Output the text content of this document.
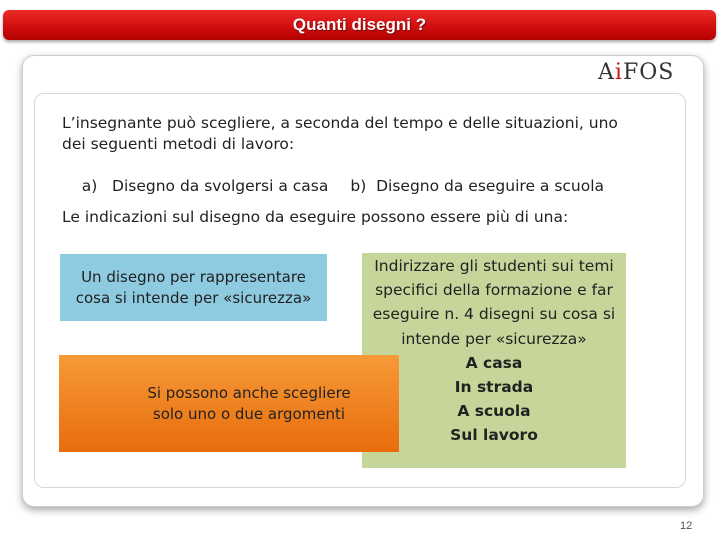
Quanti disegni ?
AiFOS
L’insegnante può scegliere, a seconda del tempo e delle situazioni, uno
dei seguenti metodi di lavoro:

a)   Disegno da svolgersi a casa b)  Disegno da eseguire a scuola

Le indicazioni sul disegno da eseguire possono essere più di una:
Un disegno per rappresentare
cosa si intende per «sicurezza»
Indirizzare gli studenti sui temi
specifici della formazione e far
eseguire n. 4 disegni su cosa si
intende per «sicurezza»
A casa
In strada
A scuola
Sul lavoro
Si possono anche scegliere
solo uno o due argomenti
12
